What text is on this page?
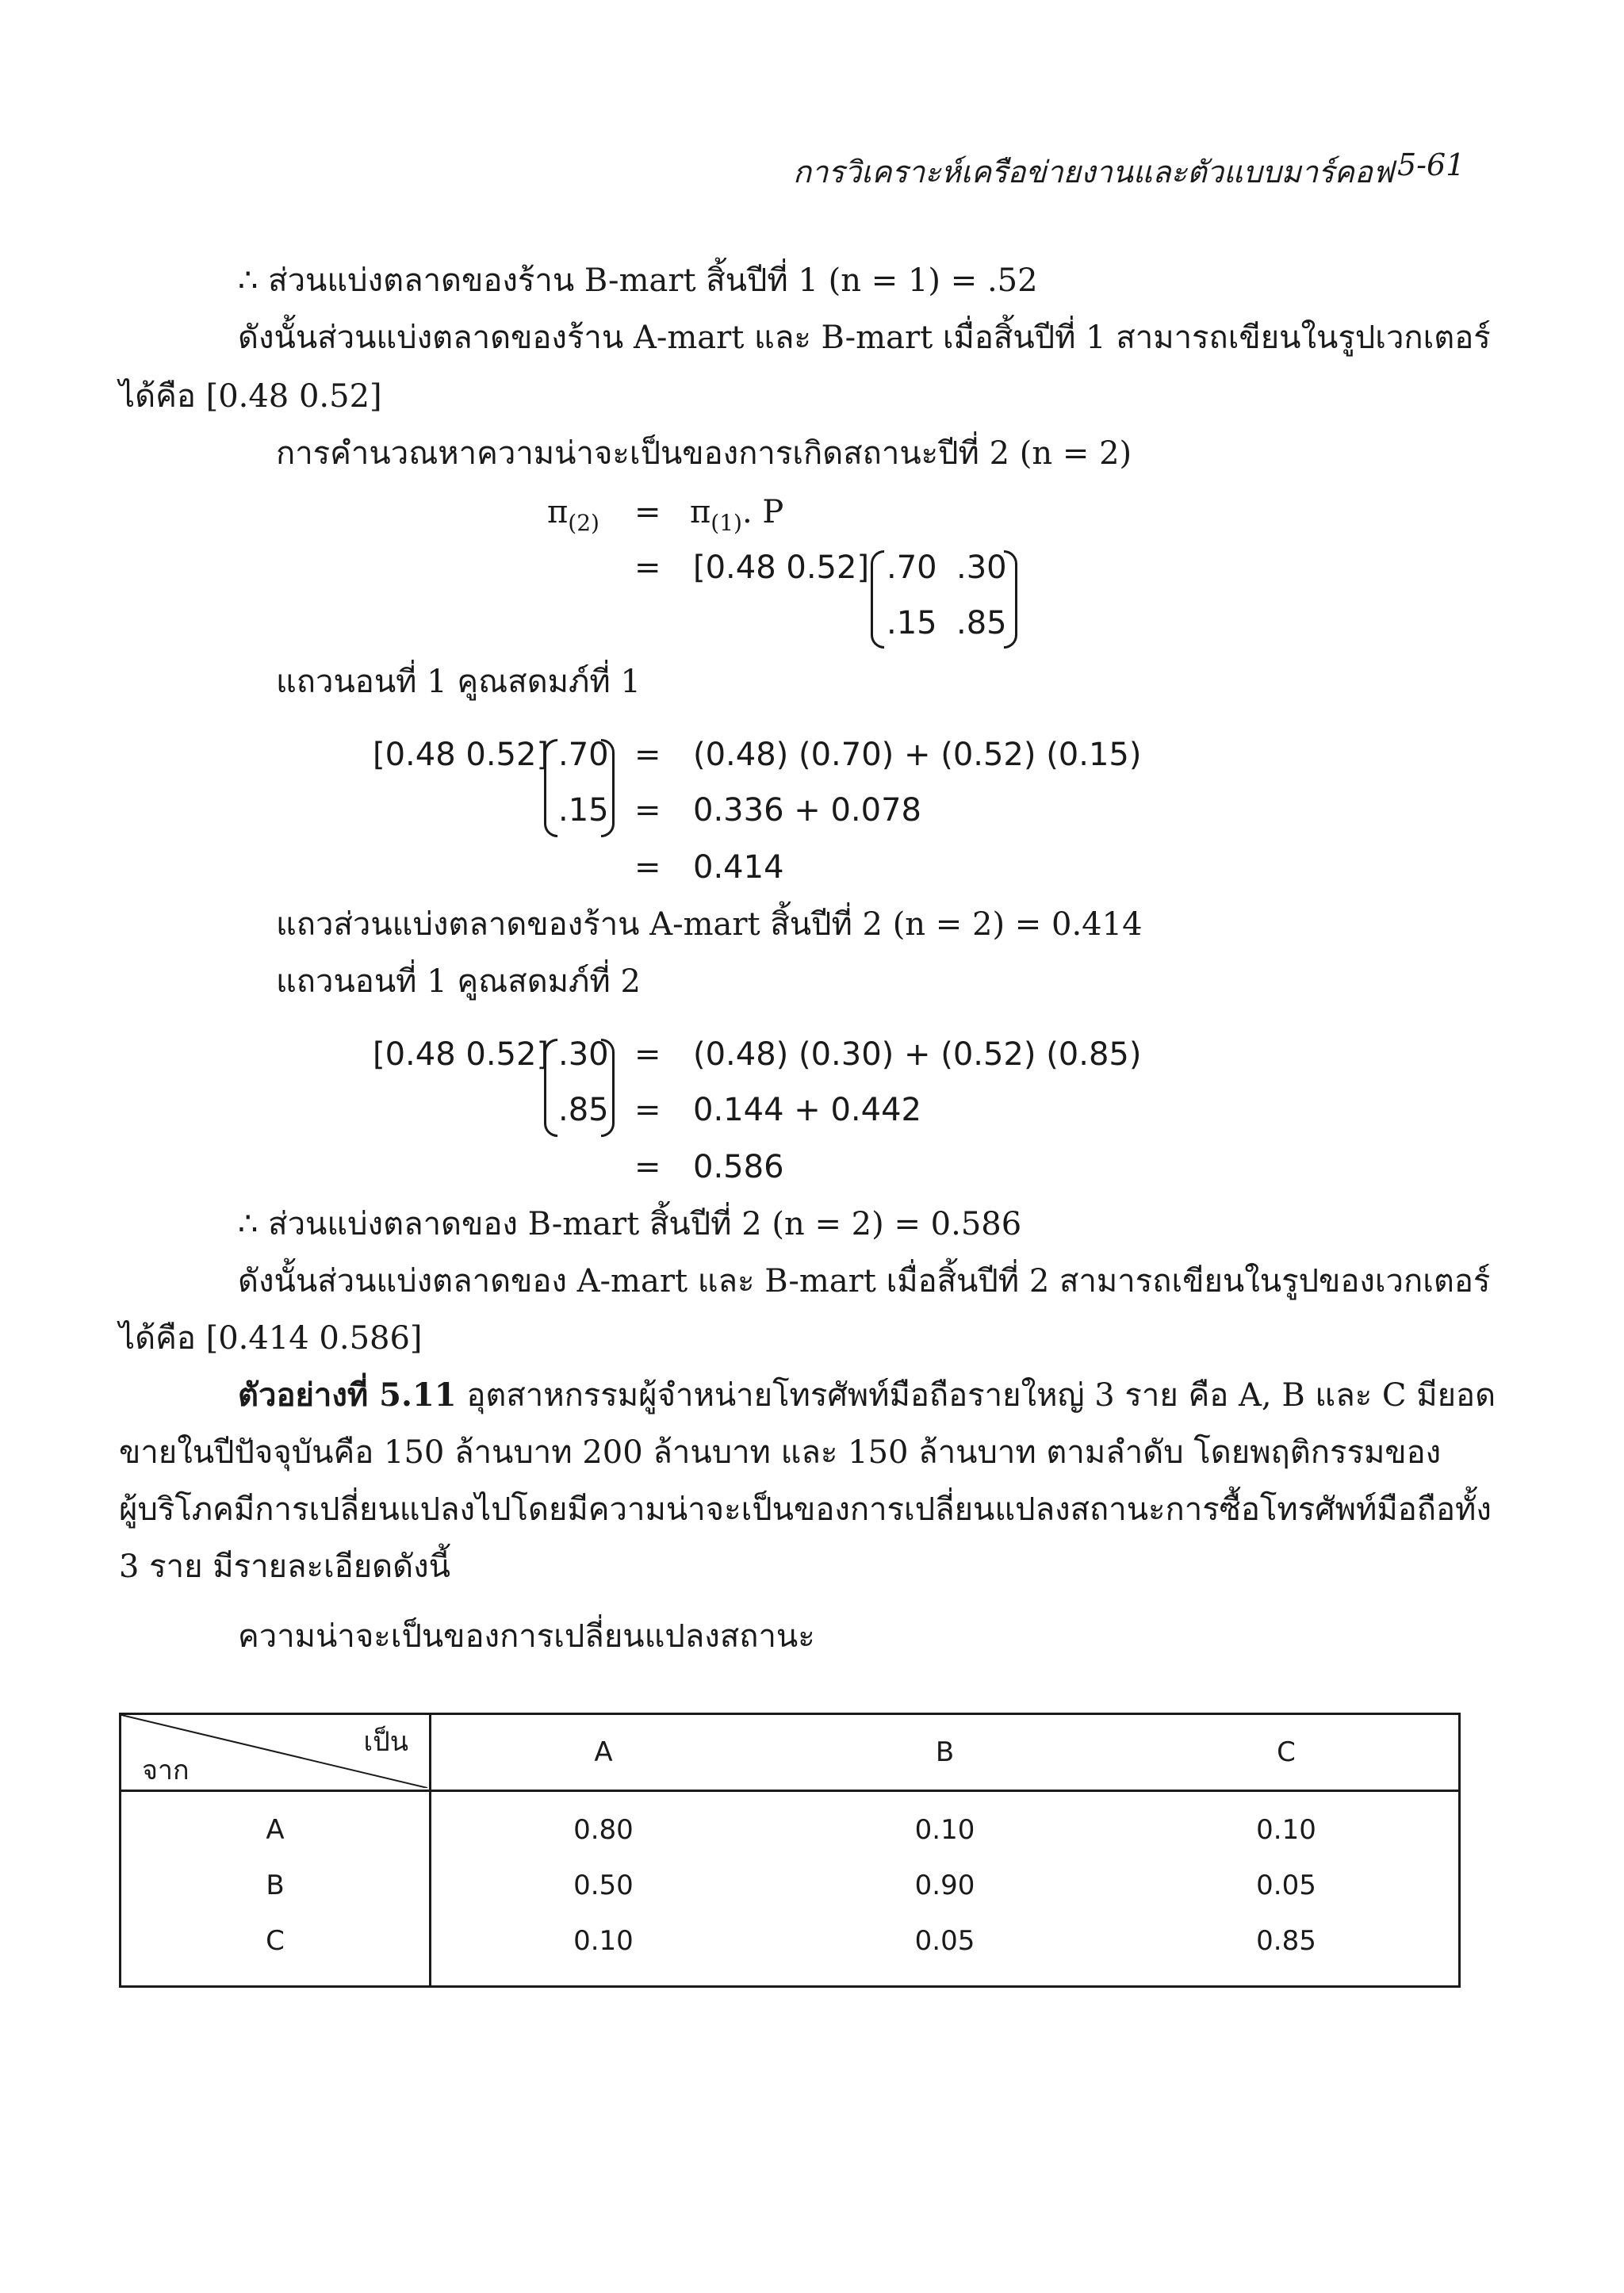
การวิเคราะห์เครือข่ายงานและตัวแบบมาร์คอฟ 5-61
∴ ส่วนแบ่งตลาดของร้าน B-mart สิ้นปีที่ 1 (n = 1) = .52
ดังนั้นส่วนแบ่งตลาดของร้าน A-mart และ B-mart เมื่อสิ้นปีที่ 1 สามารถเขียนในรูปเวกเตอร์
ได้คือ [0.48 0.52]
การคำนวณหาความน่าจะเป็นของการเกิดสถานะปีที่ 2 (n = 2)
$\pi_{(2)} = \pi_{(1)}$. P
= [0.48 0.52] .70 .30
.15 .85
แถวนอนที่ 1 คูณสดมภ์ที่ 1
[0.48 0.52] .70
.15
= (0.48) (0.70) + (0.52) (0.15)
= 0.336 + 0.078
= 0.414
แถวส่วนแบ่งตลาดของร้าน A-mart สิ้นปีที่ 2 (n = 2) = 0.414
แถวนอนที่ 1 คูณสดมภ์ที่ 2
[0.48 0.52] .30
.85
= (0.48) (0.30) + (0.52) (0.85)
= 0.144 + 0.442
= 0.586
∴ ส่วนแบ่งตลาดของ B-mart สิ้นปีที่ 2 (n = 2) = 0.586
ดังนั้นส่วนแบ่งตลาดของ A-mart และ B-mart เมื่อสิ้นปีที่ 2 สามารถเขียนในรูปของเวกเตอร์
ได้คือ [0.414 0.586]
ตัวอย่างที่ 5.11 อุตสาหกรรมผู้จำหน่ายโทรศัพท์มือถือรายใหญ่ 3 ราย คือ A, B และ C มียอด
ขายในปีปัจจุบันคือ 150 ล้านบาท 200 ล้านบาท และ 150 ล้านบาท ตามลำดับ โดยพฤติกรรมของ
ผู้บริโภคมีการเปลี่ยนแปลงไปโดยมีความน่าจะเป็นของการเปลี่ยนแปลงสถานะการซื้อโทรศัพท์มือถือทั้ง
3 ราย มีรายละเอียดดังนี้
ความน่าจะเป็นของการเปลี่ยนแปลงสถานะ
เป็น
จาก	A	B	C
A	0.80	0.10	0.10
B	0.50	0.90	0.05
C	0.10	0.05	0.85
